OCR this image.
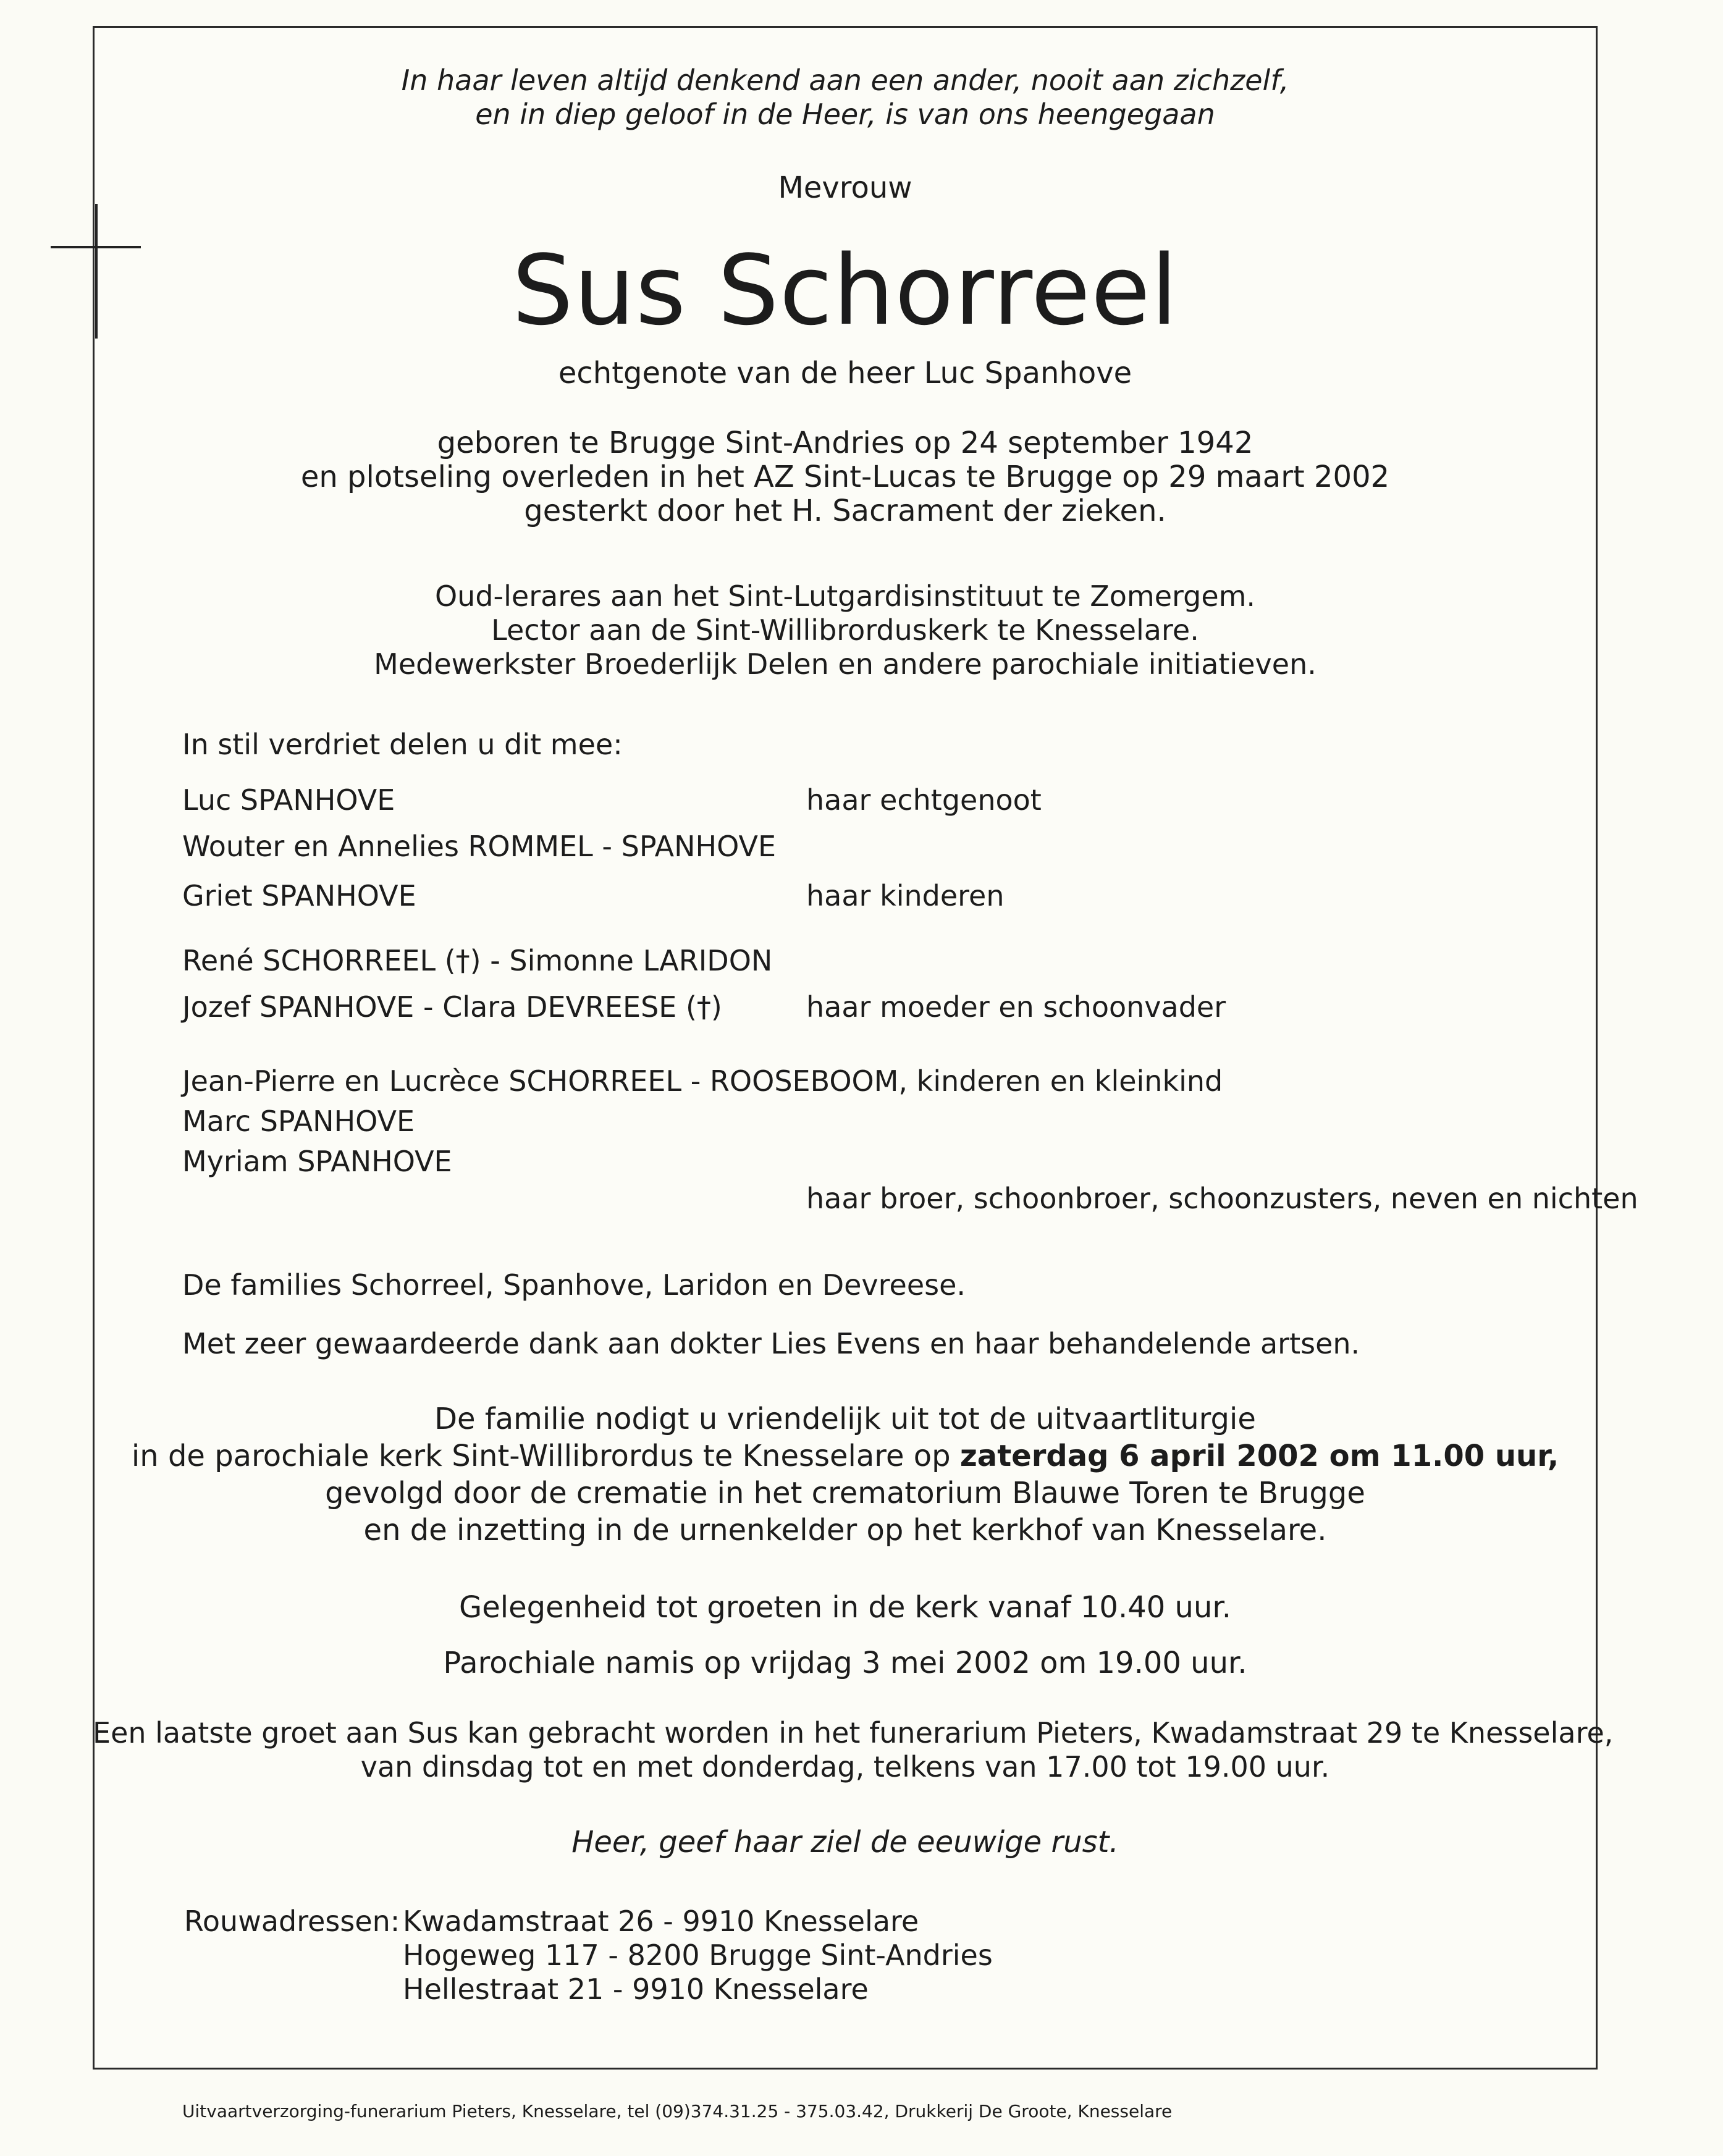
In haar leven altijd denkend aan een ander, nooit aan zichzelf,
en in diep geloof in de Heer, is van ons heengegaan
Mevrouw
Sus Schorreel
echtgenote van de heer Luc Spanhove
geboren te Brugge Sint-Andries op 24 september 1942
en plotseling overleden in het AZ Sint-Lucas te Brugge op 29 maart 2002
gesterkt door het H. Sacrament der zieken.
Oud-lerares aan het Sint-Lutgardisinstituut te Zomergem.
Lector aan de Sint-Willibrorduskerk te Knesselare.
Medewerkster Broederlijk Delen en andere parochiale initiatieven.
In stil verdriet delen u dit mee:
Luc SPANHOVE	haar echtgenoot
Wouter en Annelies ROMMEL - SPANHOVE
Griet SPANHOVE	haar kinderen
René SCHORREEL (†) - Simonne LARIDON
Jozef SPANHOVE - Clara DEVREESE (†)	haar moeder en schoonvader
Jean-Pierre en Lucrèce SCHORREEL - ROOSEBOOM, kinderen en kleinkind
Marc SPANHOVE
Myriam SPANHOVE
haar broer, schoonbroer, schoonzusters, neven en nichten
De families Schorreel, Spanhove, Laridon en Devreese.
Met zeer gewaardeerde dank aan dokter Lies Evens en haar behandelende artsen.
De familie nodigt u vriendelijk uit tot de uitvaartliturgie
in de parochiale kerk Sint-Willibrordus te Knesselare op zaterdag 6 april 2002 om 11.00 uur,
gevolgd door de crematie in het crematorium Blauwe Toren te Brugge
en de inzetting in de urnenkelder op het kerkhof van Knesselare.
Gelegenheid tot groeten in de kerk vanaf 10.40 uur.
Parochiale namis op vrijdag 3 mei 2002 om 19.00 uur.
Een laatste groet aan Sus kan gebracht worden in het funerarium Pieters, Kwadamstraat 29 te Knesselare,
van dinsdag tot en met donderdag, telkens van 17.00 tot 19.00 uur.
Heer, geef haar ziel de eeuwige rust.
Rouwadressen: Kwadamstraat 26 - 9910 Knesselare
Hogeweg 117 - 8200 Brugge Sint-Andries
Hellestraat 21 - 9910 Knesselare
Uitvaartverzorging-funerarium Pieters, Knesselare, tel (09)374.31.25 - 375.03.42, Drukkerij De Groote, Knesselare
